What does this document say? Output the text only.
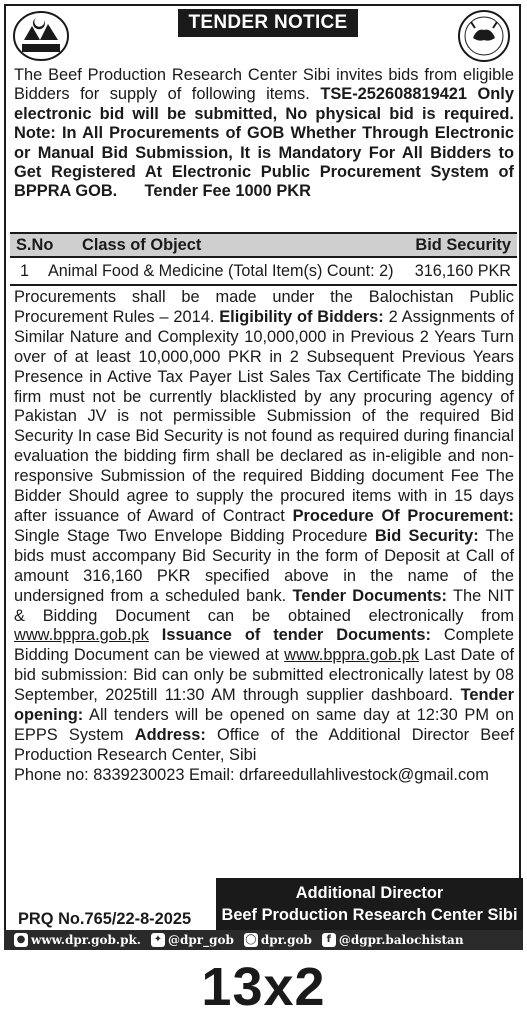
TENDER NOTICE
The Beef Production Research Center Sibi invites bids from eligible Bidders for supply of following items. TSE-252608819421 Only electronic bid will be submitted, No physical bid is required. Note: In All Procurements of GOB Whether Through Electronic or Manual Bid Submission, It is Mandatory For All Bidders to Get Registered At Electronic Public Procurement System of BPPRA GOB. Tender Fee 1000 PKR
S.No Class of Object	Bid Security
1 Animal Food & Medicine (Total Item(s) Count: 2) 316,160 PKR
Procurements shall be made under the Balochistan Public Procurement Rules – 2014. Eligibility of Bidders: 2 Assignments of Similar Nature and Complexity 10,000,000 in Previous 2 Years Turn over of at least 10,000,000 PKR in 2 Subsequent Previous Years Presence in Active Tax Payer List Sales Tax Certificate The bidding firm must not be currently blacklisted by any procuring agency of Pakistan JV is not permissible Submission of the required Bid Security In case Bid Security is not found as required during financial evaluation the bidding firm shall be declared as in-eligible and non-responsive Submission of the required Bidding document Fee The Bidder Should agree to supply the procured items with in 15 days after issuance of Award of Contract Procedure Of Procurement: Single Stage Two Envelope Bidding Procedure Bid Security: The bids must accompany Bid Security in the form of Deposit at Call of amount 316,160 PKR specified above in the name of the undersigned from a scheduled bank. Tender Documents: The NIT & Bidding Document can be obtained electronically from www.bppra.gob.pk Issuance of tender Documents: Complete Bidding Document can be viewed at www.bppra.gob.pk Last Date of bid submission: Bid can only be submitted electronically latest by 08 September, 2025till 11:30 AM through supplier dashboard. Tender opening: All tenders will be opened on same day at 12:30 PM on EPPS System Address: Office of the Additional Director Beef Production Research Center, Sibi
Phone no: 8339230023 Email: drfareedullahlivestock@gmail.com
Additional Director
Beef Production Research Center Sibi
PRQ No.765/22-8-2025
● www.dpr.gob.pk. ✦ @dpr_gob ◯ dpr.gob	f @dgpr.balochistan
13x2
